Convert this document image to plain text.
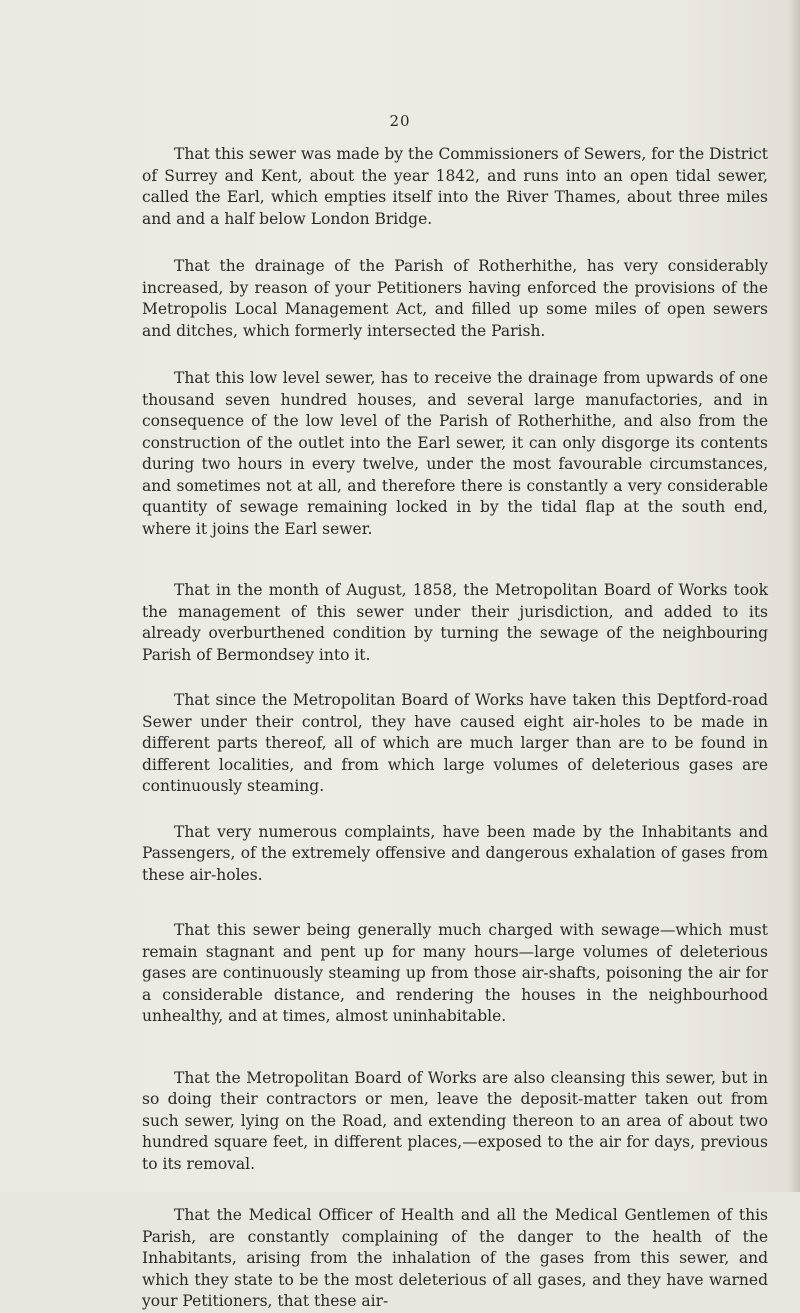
20

That this sewer was made by the Commissioners of Sewers, for the District of Surrey and Kent, about the year 1842, and runs into an open tidal sewer, called the Earl, which empties itself into the River Thames, about three miles and and a half below London Bridge.

That the drainage of the Parish of Rotherhithe, has very considerably increased, by reason of your Petitioners having enforced the provisions of the Metropolis Local Management Act, and filled up some miles of open sewers and ditches, which formerly intersected the Parish.

That this low level sewer, has to receive the drainage from upwards of one thousand seven hundred houses, and several large manufactories, and in consequence of the low level of the Parish of Rotherhithe, and also from the construction of the outlet into the Earl sewer, it can only disgorge its contents during two hours in every twelve, under the most favourable circumstances, and sometimes not at all, and therefore there is constantly a very considerable quantity of sewage remaining locked in by the tidal flap at the south end, where it joins the Earl sewer.

That in the month of August, 1858, the Metropolitan Board of Works took the management of this sewer under their jurisdiction, and added to its already overburthened condition by turning the sewage of the neighbouring Parish of Bermondsey into it.

That since the Metropolitan Board of Works have taken this Deptford-road Sewer under their control, they have caused eight air-holes to be made in different parts thereof, all of which are much larger than are to be found in different localities, and from which large volumes of deleterious gases are continuously steaming.

That very numerous complaints, have been made by the Inhabitants and Passengers, of the extremely offensive and dangerous exhalation of gases from these air-holes.

That this sewer being generally much charged with sewage—which must remain stagnant and pent up for many hours—large volumes of deleterious gases are continuously steaming up from those air-shafts, poisoning the air for a considerable distance, and rendering the houses in the neighbourhood unhealthy, and at times, almost uninhabitable.

That the Metropolitan Board of Works are also cleansing this sewer, but in so doing their contractors or men, leave the deposit-matter taken out from such sewer, lying on the Road, and extending thereon to an area of about two hundred square feet, in different places,—exposed to the air for days, previous to its removal.

That the Medical Officer of Health and all the Medical Gentlemen of this Parish, are constantly complaining of the danger to the health of the Inhabitants, arising from the inhalation of the gases from this sewer, and which they state to be the most deleterious of all gases, and they have warned your Petitioners, that these air-
